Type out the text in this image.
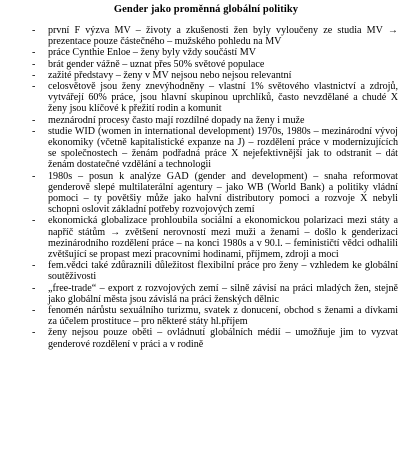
Gender jako proměnná globální politiky
-	první F výzva MV – životy a zkušenosti žen byly vyloučeny ze studia MV → prezentace pouze částečného – mužského pohledu na MV
-	práce Cynthie Enloe – ženy byly vždy součástí MV
-	brát gender vážně – uznat přes 50% světové populace
-	zažité představy – ženy v MV nejsou nebo nejsou relevantní
-	celosvětově jsou ženy znevýhodněny – vlastní 1% světového vlastnictví a zdrojů, vytvářejí 60% práce, jsou hlavní skupinou uprchlíků, často nevzdělané a chudé X ženy jsou klíčové k přežití rodin a komunit
-	meznárodní procesy často mají rozdílné dopady na ženy i muže
-	studie WID (women in international development) 1970s, 1980s – mezinárodní vývoj ekonomiky (včetně kapitalistické expanze na J) – rozdělení práce v modernizujících se společnostech – ženám podřadná práce X nejefektivnější jak to odstranit – dát ženám dostatečné vzdělání a technologii
-	1980s – posun k analýze GAD (gender and development) – snaha reformovat genderově slepé multilaterální agentury – jako WB (World Bank) a politiky vládní pomoci – ty povětšiy může jako halvní distributory pomoci a rozvoje X nebyli schopni oslovit základní potřeby rozvojových zemí
-	ekonomická globalizace prohloubila sociální a ekonomickou polarizaci mezi státy a napříč státům → zvětšení nerovností mezi muži a ženami – došlo k genderizaci mezinárodního rozdělení práce – na konci 1980s a v 90.l. – feminističtí vědci odhalili zvětšující se propast mezi pracovními hodinami, příjmem, zdroji a moci
-	fem.vědci také zdůraznili důležitost flexibilní práce pro ženy – vzhledem ke globální soutěživosti
-	„free-trade“ – export z rozvojových zemí – silně závisí na práci mladých žen, stejně jako globální města jsou závislá na práci ženských dělnic
-	fenomén nárůstu sexuálního turizmu, svatek z donucení, obchod s ženami a dívkami za účelem prostituce – pro některé státy hl.příjem
-	ženy nejsou pouze oběti – ovládnutí globálních médií – umožňuje jim to vyzvat genderové rozdělení v práci a v rodině
